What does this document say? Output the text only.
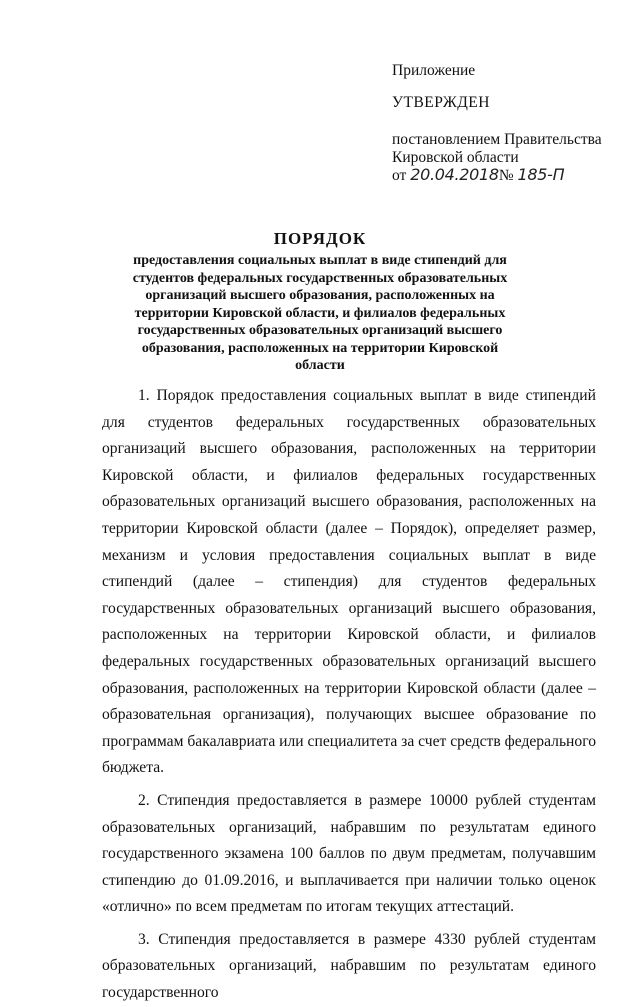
Приложение
УТВЕРЖДЕН
постановлением Правительства
Кировской области
от 20.04.2018№ 185-П
ПОРЯДОК
предоставления социальных выплат в виде стипендий для студентов федеральных государственных образовательных организаций высшего образования, расположенных на территории Кировской области, и филиалов федеральных государственных образовательных организаций высшего образования, расположенных на территории Кировской области

1. Порядок предоставления социальных выплат в виде стипендий для студентов федеральных государственных образовательных организаций высшего образования, расположенных на территории Кировской области, и филиалов федеральных государственных образовательных организаций высшего образования, расположенных на территории Кировской области (далее – Порядок), определяет размер, механизм и условия предоставления социальных выплат в виде стипендий (далее – стипендия) для студентов федеральных государственных образовательных организаций высшего образования, расположенных на территории Кировской области, и филиалов федеральных государственных образовательных организаций высшего образования, расположенных на территории Кировской области (далее – образовательная организация), получающих высшее образование по программам бакалавриата или специалитета за счет средств федерального бюджета.

2. Стипендия предоставляется в размере 10000 рублей студентам образовательных организаций, набравшим по результатам единого государственного экзамена 100 баллов по двум предметам, получавшим стипендию до 01.09.2016, и выплачивается при наличии только оценок «отлично» по всем предметам по итогам текущих аттестаций.

3. Стипендия предоставляется в размере 4330 рублей студентам образовательных организаций, набравшим по результатам единого государственного
